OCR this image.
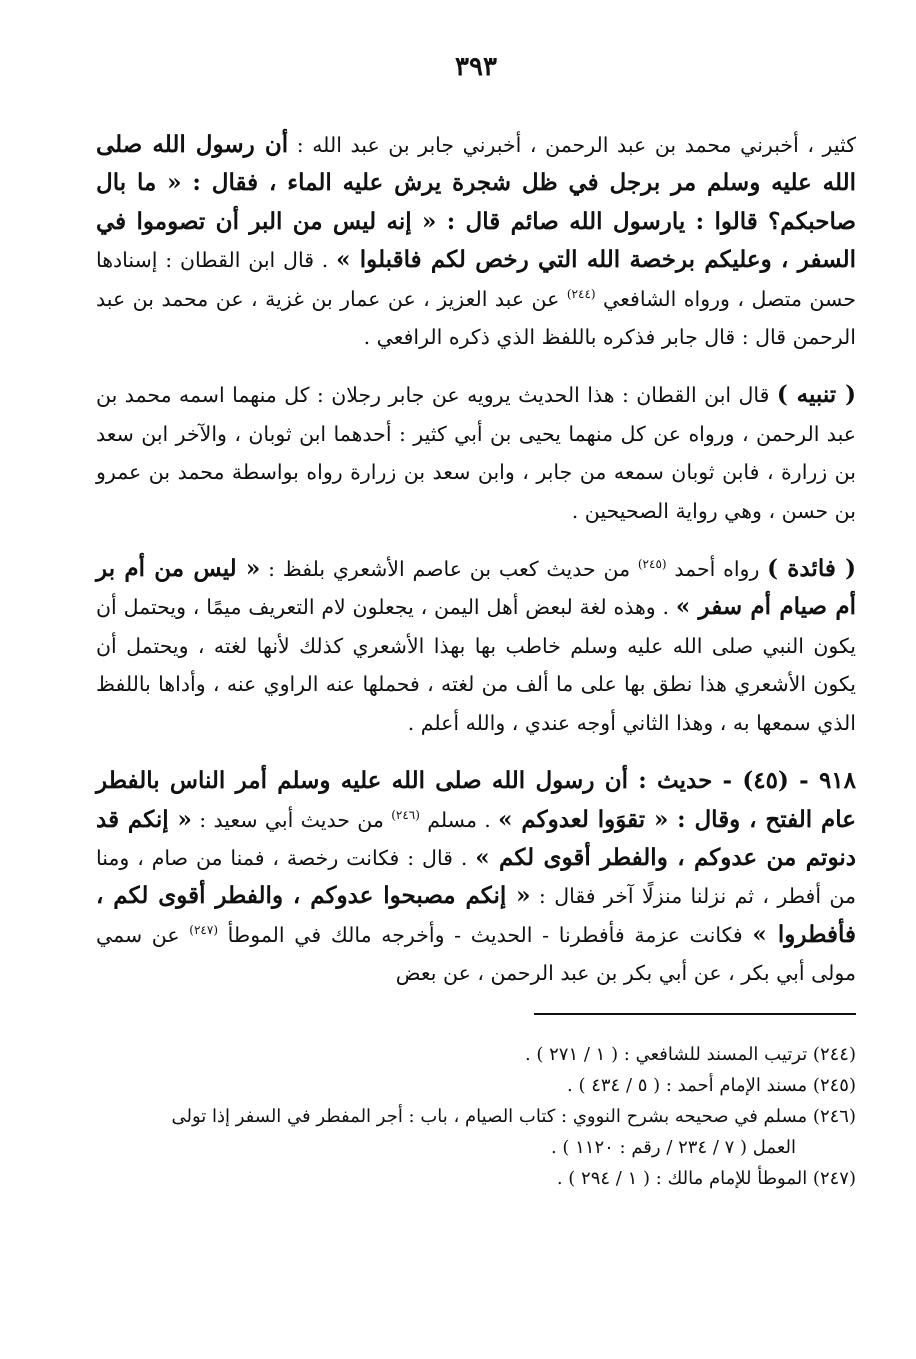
٣٩٣

كثير ، أخبرني محمد بن عبد الرحمن ، أخبرني جابر بن عبد الله : أن رسول الله صلى الله عليه وسلم مر برجل في ظل شجرة يرش عليه الماء ، فقال : « ما بال صاحبكم؟ قالوا : يارسول الله صائم قال : « إنه ليس من البر أن تصوموا في السفر ، وعليكم برخصة الله التي رخص لكم فاقبلوا » . قال ابن القطان : إسنادها حسن متصل ، ورواه الشافعي $^{(٢٤٤)}$ عن عبد العزيز ، عن عمار بن غزية ، عن محمد بن عبد الرحمن قال : قال جابر فذكره باللفظ الذي ذكره الرافعي .

( تنبيه ) قال ابن القطان : هذا الحديث يرويه عن جابر رجلان : كل منهما اسمه محمد بن عبد الرحمن ، ورواه عن كل منهما يحيى بن أبي كثير : أحدهما ابن ثوبان ، والآخر ابن سعد بن زرارة ، فابن ثوبان سمعه من جابر ، وابن سعد بن زرارة رواه بواسطة محمد بن عمرو بن حسن ، وهي رواية الصحيحين .

( فائدة ) رواه أحمد $^{(٢٤٥)}$ من حديث كعب بن عاصم الأشعري بلفظ : « ليس من أم بر أم صيام أم سفر » . وهذه لغة لبعض أهل اليمن ، يجعلون لام التعريف ميمًا ، ويحتمل أن يكون النبي صلى الله عليه وسلم خاطب بها بهذا الأشعري كذلك لأنها لغته ، ويحتمل أن يكون الأشعري هذا نطق بها على ما ألف من لغته ، فحملها عنه الراوي عنه ، وأداها باللفظ الذي سمعها به ، وهذا الثاني أوجه عندي ، والله أعلم .

٩١٨ - (٤٥) - حديث : أن رسول الله صلى الله عليه وسلم أمر الناس بالفطر عام الفتح ، وقال : « تقوَوا لعدوكم » . مسلم $^{(٢٤٦)}$ من حديث أبي سعيد : « إنكم قد دنوتم من عدوكم ، والفطر أقوى لكم » . قال : فكانت رخصة ، فمنا من صام ، ومنا من أفطر ، ثم نزلنا منزلًا آخر فقال : « إنكم مصبحوا عدوكم ، والفطر أقوى لكم ، فأفطروا » فكانت عزمة فأفطرنا - الحديث - وأخرجه مالك في الموطأ $^{(٢٤٧)}$ عن سمي مولى أبي بكر ، عن أبي بكر بن عبد الرحمن ، عن بعض

(٢٤٤) ترتيب المسند للشافعي : ( ١ / ٢٧١ ) .
(٢٤٥) مسند الإمام أحمد : ( ٥ / ٤٣٤ ) .
(٢٤٦) مسلم في صحيحه بشرح النووي : كتاب الصيام ، باب : أجر المفطر في السفر إذا تولى
العمل ( ٧ / ٢٣٤ / رقم : ١١٢٠ ) .
(٢٤٧) الموطأ للإمام مالك : ( ١ / ٢٩٤ ) .
